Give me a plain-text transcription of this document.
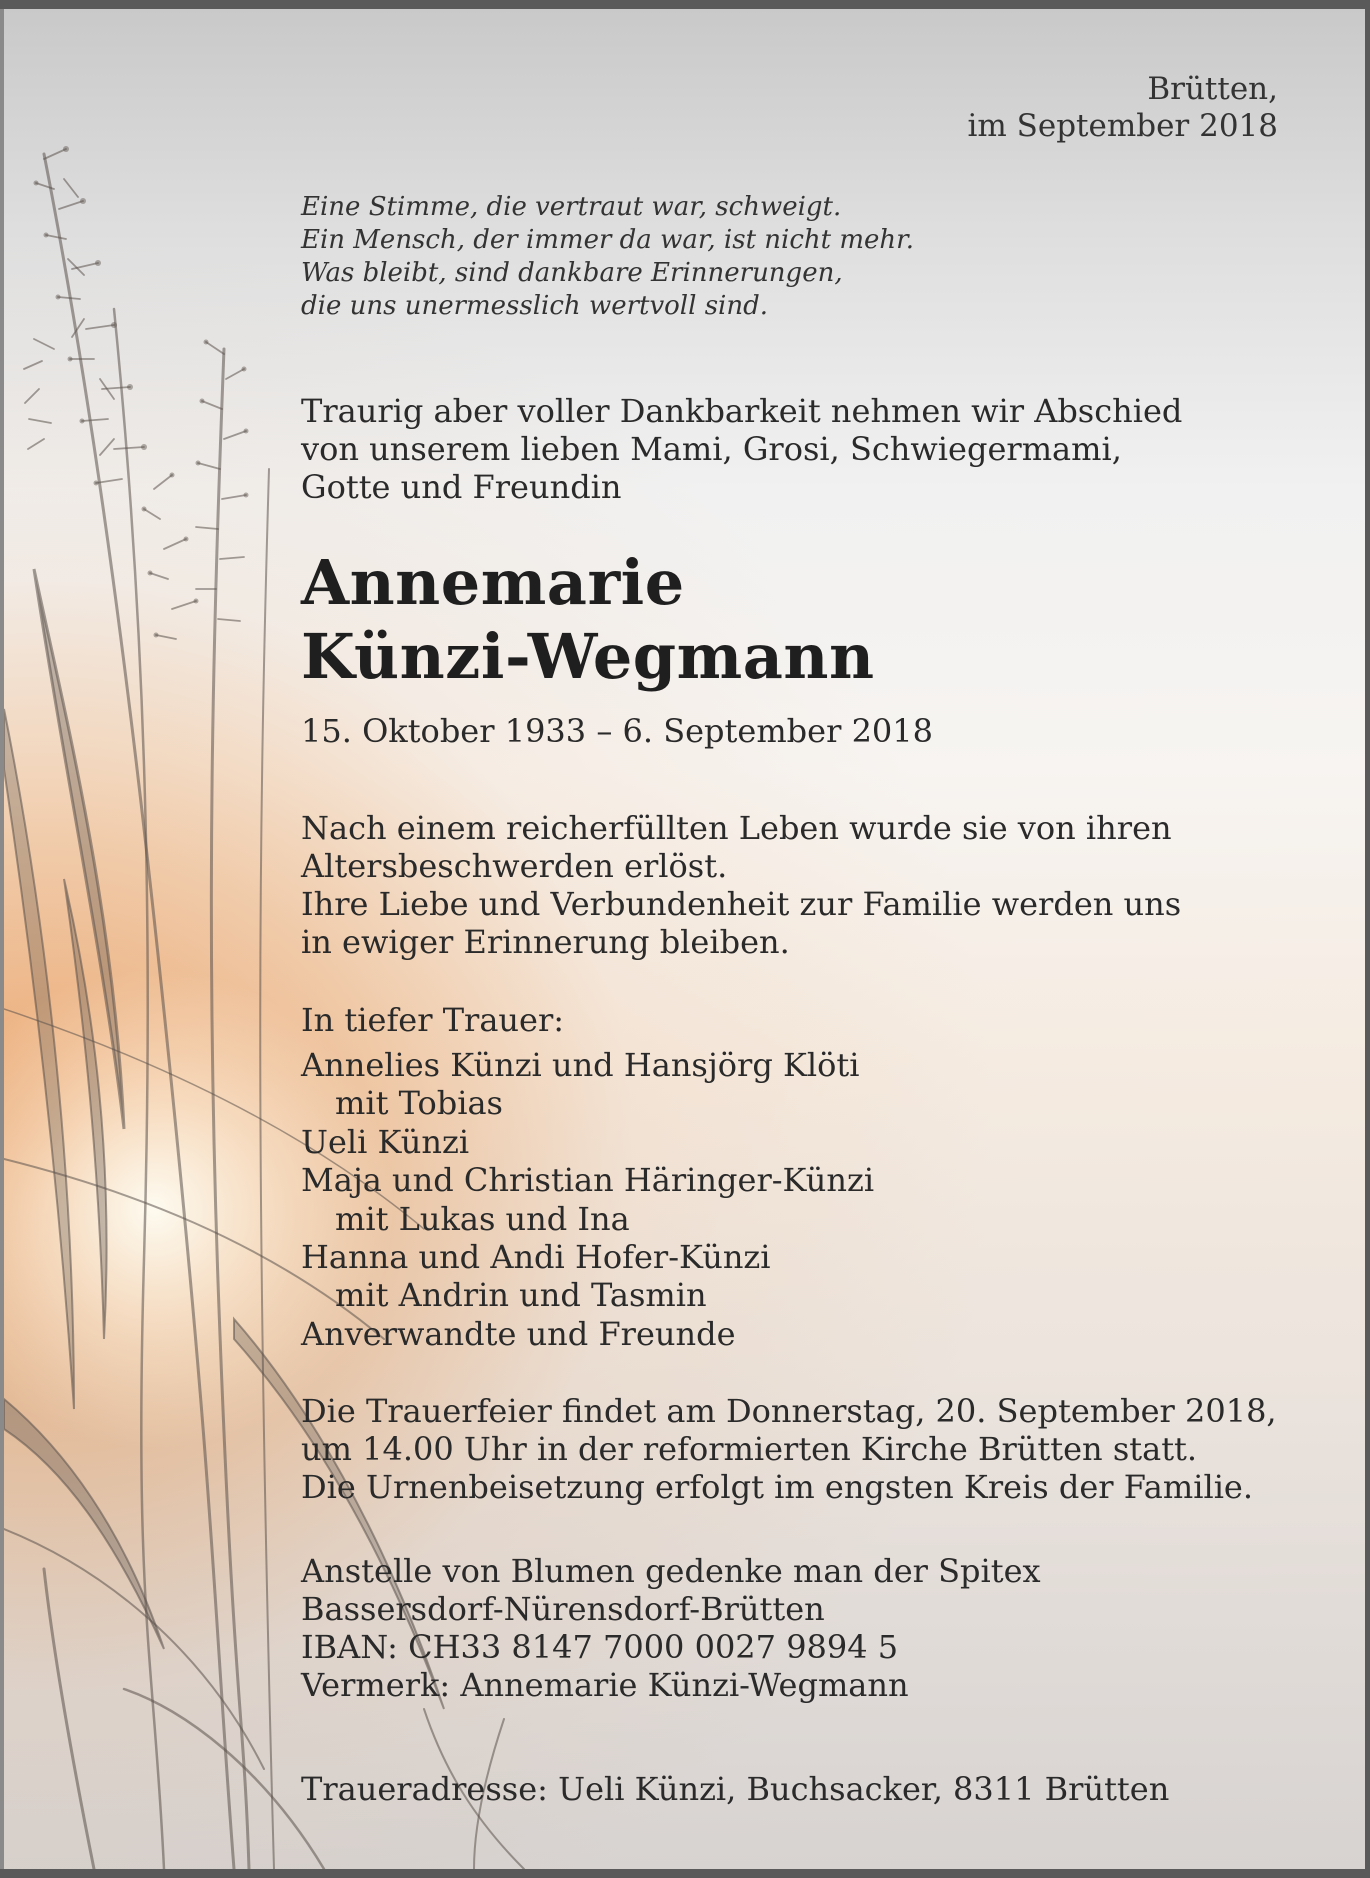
Brütten,
im September 2018
Eine Stimme, die vertraut war, schweigt.
Ein Mensch, der immer da war, ist nicht mehr.
Was bleibt, sind dankbare Erinnerungen,
die uns unermesslich wertvoll sind.
Traurig aber voller Dankbarkeit nehmen wir Abschied
von unserem lieben Mami, Grosi, Schwiegermami,
Gotte und Freundin
Annemarie
Künzi-Wegmann
15. Oktober 1933 – 6. September 2018
Nach einem reicherfüllten Leben wurde sie von ihren
Altersbeschwerden erlöst.
Ihre Liebe und Verbundenheit zur Familie werden uns
in ewiger Erinnerung bleiben.
In tiefer Trauer:
Annelies Künzi und Hansjörg Klöti
mit Tobias
Ueli Künzi
Maja und Christian Häringer-Künzi
mit Lukas und Ina
Hanna und Andi Hofer-Künzi
mit Andrin und Tasmin
Anverwandte und Freunde
Die Trauerfeier findet am Donnerstag, 20. September 2018,
um 14.00 Uhr in der reformierten Kirche Brütten statt.
Die Urnenbeisetzung erfolgt im engsten Kreis der Familie.
Anstelle von Blumen gedenke man der Spitex
Bassersdorf-Nürensdorf-Brütten
IBAN: CH33 8147 7000 0027 9894 5
Vermerk: Annemarie Künzi-Wegmann
Traueradresse: Ueli Künzi, Buchsacker, 8311 Brütten
